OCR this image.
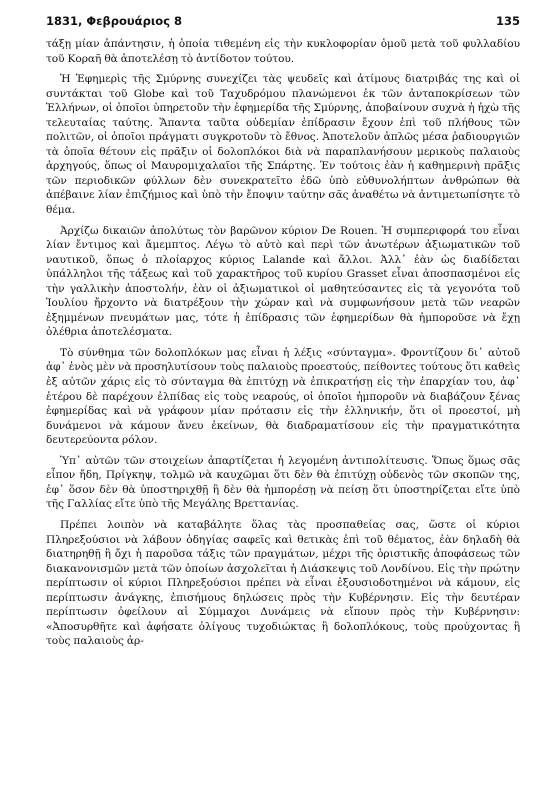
1831, Φεβρουάριος 8	135

τάξῃ μίαν ἀπάντησιν, ἡ ὁποία τιθεμένη εἰς τὴν κυκλοφορίαν ὁμοῦ μετὰ τοῦ φυλλαδίου τοῦ Κοραῆ θὰ ἀποτελέσῃ τὸ ἀντίδοτον τούτου.

Ἡ Ἐφημερὶς τῆς Σμύρνης συνεχίζει τὰς ψευδεῖς καὶ ἀτίμους διατριβάς της καὶ οἱ συντάκται τοῦ Globe καὶ τοῦ Ταχυδρόμου πλανώμενοι ἐκ τῶν ἀνταποκρίσεων τῶν Ἑλλήνων, οἱ ὁποῖοι ὑπηρετοῦν τὴν ἐφημερίδα τῆς Σμύρνης, ἀποβαίνουν συχνὰ ἡ ἠχὼ τῆς τελευταίας ταύτης. Ἅπαντα ταῦτα οὐδεμίαν ἐπίδρασιν ἔχουν ἐπὶ τοῦ πλήθους τῶν πολιτῶν, οἱ ὁποῖοι πράγματι συγκροτοῦν τὸ ἔθνος. Ἀποτελοῦν ἁπλῶς μέσα ῥαδιουργιῶν τὰ ὁποῖα θέτουν εἰς πρᾶξιν οἱ δολοπλόκοι διὰ νὰ παραπλανήσουν μερικοὺς παλαιοὺς ἀρχηγούς, ὅπως οἱ Μαυρομιχαλαῖοι τῆς Σπάρτης. Ἐν τούτοις ἐὰν ἡ καθημερινὴ πρᾶξις τῶν περιοδικῶν φύλλων δὲν συνεκρατεῖτο ἐδῶ ὑπὸ εὐθυνολήπτων ἀνθρώπων θὰ ἀπέβαινε λίαν ἐπιζήμιος καὶ ὑπὸ τὴν ἔποψιν ταύτην σᾶς ἀναθέτω νὰ ἀντιμετωπίσητε τὸ θέμα.

Ἀρχίζω δικαιῶν ἀπολύτως τὸν βαρῶνον κύριον De Rouen. Ἡ συμπεριφορά του εἶναι λίαν ἔντιμος καὶ ἄμεμπτος. Λέγω τὸ αὐτὸ καὶ περὶ τῶν ἀνωτέρων ἀξιωματικῶν τοῦ ναυτικοῦ, ὅπως ὁ πλοίαρχος κύριος Lalande καὶ ἄλλοι. Ἀλλ᾽ ἐὰν ὡς διαδίδεται ὑπάλληλοι τῆς τάξεως καὶ τοῦ χαρακτῆρος τοῦ κυρίου Grasset εἶναι ἀποσπασμένοι εἰς τὴν γαλλικὴν ἀποστολήν, ἐὰν οἱ ἀξιωματικοὶ οἱ μαθητεύσαντες εἰς τὰ γεγονότα τοῦ Ἰουλίου ἤρχοντο νὰ διατρέξουν τὴν χώραν καὶ νὰ συμφωνήσουν μετὰ τῶν νεαρῶν ἐξημμένων πνευμάτων μας, τότε ἡ ἐπίδρασις τῶν ἐφημερίδων θὰ ἠμποροῦσε νὰ ἔχῃ ὀλέθρια ἀποτελέσματα.

Τὸ σύνθημα τῶν δολοπλόκων μας εἶναι ἡ λέξις «σύνταγμα». Φροντίζουν δι᾽ αὐτοῦ ἀφ᾽ ἑνὸς μὲν νὰ προσηλυτίσουν τοὺς παλαιοὺς προεστούς, πείθοντες τούτους ὅτι καθεὶς ἐξ αὐτῶν χάρις εἰς τὸ σύνταγμα θὰ ἐπιτύχῃ νὰ ἐπικρατήσῃ εἰς τὴν ἐπαρχίαν του, ἀφ᾽ ἑτέρου δὲ παρέχουν ἐλπίδας εἰς τοὺς νεαρούς, οἱ ὁποῖοι ἠμποροῦν νὰ διαβάζουν ξένας ἐφημερίδας καὶ νὰ γράφουν μίαν πρότασιν εἰς τὴν ἑλληνικήν, ὅτι οἱ προεστοί, μὴ δυνάμενοι νὰ κάμουν ἄνευ ἐκείνων, θὰ διαδραματίσουν εἰς τὴν πραγματικότητα δευτερεύοντα ρόλον.

Ὑπ᾽ αὐτῶν τῶν στοιχείων ἀπαρτίζεται ἡ λεγομένη ἀντιπολίτευσις. Ὅπως ὅμως σᾶς εἶπον ἤδη, Πρίγκηψ, τολμῶ νὰ καυχῶμαι ὅτι δὲν θὰ ἐπιτύχῃ οὐδενὸς τῶν σκοπῶν της, ἐφ᾽ ὅσον δὲν θὰ ὑποστηριχθῇ ἢ δὲν θὰ ἠμπορέσῃ νὰ πείσῃ ὅτι ὑποστηρίζεται εἴτε ὑπὸ τῆς Γαλλίας εἴτε ὑπὸ τῆς Μεγάλης Βρεττανίας.

Πρέπει λοιπὸν νὰ καταβάλητε ὅλας τὰς προσπαθείας σας, ὥστε οἱ κύριοι Πληρεξούσιοι νὰ λάβουν ὁδηγίας σαφεῖς καὶ θετικὰς ἐπὶ τοῦ θέματος, ἐὰν δηλαδὴ θὰ διατηρηθῇ ἢ ὄχι ἡ παροῦσα τάξις τῶν πραγμάτων, μέχρι τῆς ὁριστικῆς ἀποφάσεως τῶν διακανονισμῶν μετὰ τῶν ὁποίων ἀσχολεῖται ἡ Διάσκεψις τοῦ Λονδίνου. Εἰς τὴν πρώτην περίπτωσιν οἱ κύριοι Πληρεξούσιοι πρέπει νὰ εἶναι ἐξουσιοδοτημένοι νὰ κάμουν, εἰς περίπτωσιν ἀνάγκης, ἐπισήμους δηλώσεις πρὸς τὴν Κυβέρνησιν. Εἰς τὴν δευτέραν περίπτωσιν ὀφείλουν αἱ Σύμμαχοι Δυνάμεις νὰ εἴπουν πρὸς τὴν Κυβέρνησιν: «Ἀποσυρθῆτε καὶ ἀφήσατε ὀλίγους τυχοδιώκτας ἢ δολοπλόκους, τοὺς προύχοντας ἢ τοὺς παλαιοὺς ἀρ-
